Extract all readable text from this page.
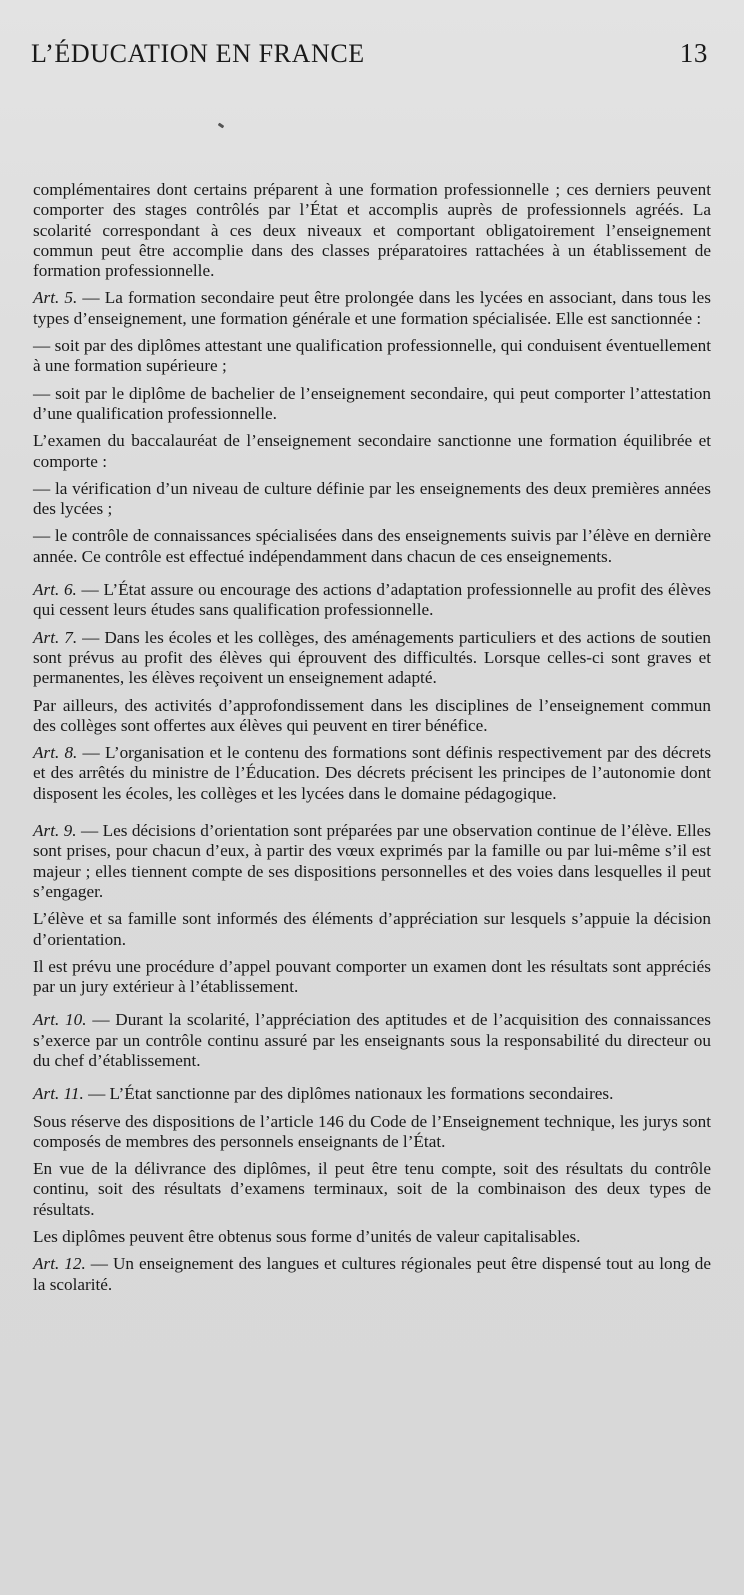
L’ÉDUCATION EN FRANCE	13

complémentaires dont certains préparent à une formation professionnelle ; ces derniers peuvent comporter des stages contrôlés par l’État et accomplis auprès de professionnels agréés. La scolarité correspondant à ces deux niveaux et comportant obligatoirement l’enseignement commun peut être accomplie dans des classes préparatoires rattachées à un établissement de formation professionnelle.

Art. 5. — La formation secondaire peut être prolongée dans les lycées en associant, dans tous les types d’enseignement, une formation générale et une formation spécialisée. Elle est sanctionnée :

— soit par des diplômes attestant une qualification professionnelle, qui conduisent éventuellement à une formation supérieure ;

— soit par le diplôme de bachelier de l’enseignement secondaire, qui peut comporter l’attestation d’une qualification professionnelle.

L’examen du baccalauréat de l’enseignement secondaire sanctionne une formation équilibrée et comporte :

— la vérification d’un niveau de culture définie par les enseignements des deux premières années des lycées ;

— le contrôle de connaissances spécialisées dans des enseignements suivis par l’élève en dernière année. Ce contrôle est effectué indépendamment dans chacun de ces enseignements.

Art. 6. — L’État assure ou encourage des actions d’adaptation professionnelle au profit des élèves qui cessent leurs études sans qualification professionnelle.

Art. 7. — Dans les écoles et les collèges, des aménagements particuliers et des actions de soutien sont prévus au profit des élèves qui éprouvent des difficultés. Lorsque celles-ci sont graves et permanentes, les élèves reçoivent un enseignement adapté.

Par ailleurs, des activités d’approfondissement dans les disciplines de l’enseignement commun des collèges sont offertes aux élèves qui peuvent en tirer bénéfice.

Art. 8. — L’organisation et le contenu des formations sont définis respectivement par des décrets et des arrêtés du ministre de l’Éducation. Des décrets précisent les principes de l’autonomie dont disposent les écoles, les collèges et les lycées dans le domaine pédagogique.

Art. 9. — Les décisions d’orientation sont préparées par une observation continue de l’élève. Elles sont prises, pour chacun d’eux, à partir des vœux exprimés par la famille ou par lui-même s’il est majeur ; elles tiennent compte de ses dispositions personnelles et des voies dans lesquelles il peut s’engager.

L’élève et sa famille sont informés des éléments d’appréciation sur lesquels s’appuie la décision d’orientation.

Il est prévu une procédure d’appel pouvant comporter un examen dont les résultats sont appréciés par un jury extérieur à l’établissement.

Art. 10. — Durant la scolarité, l’appréciation des aptitudes et de l’acquisition des connaissances s’exerce par un contrôle continu assuré par les enseignants sous la responsabilité du directeur ou du chef d’établissement.

Art. 11. — L’État sanctionne par des diplômes nationaux les formations secondaires.

Sous réserve des dispositions de l’article 146 du Code de l’Enseignement technique, les jurys sont composés de membres des personnels enseignants de l’État.

En vue de la délivrance des diplômes, il peut être tenu compte, soit des résultats du contrôle continu, soit des résultats d’examens terminaux, soit de la combinaison des deux types de résultats.

Les diplômes peuvent être obtenus sous forme d’unités de valeur capitalisables.

Art. 12. — Un enseignement des langues et cultures régionales peut être dispensé tout au long de la scolarité.
